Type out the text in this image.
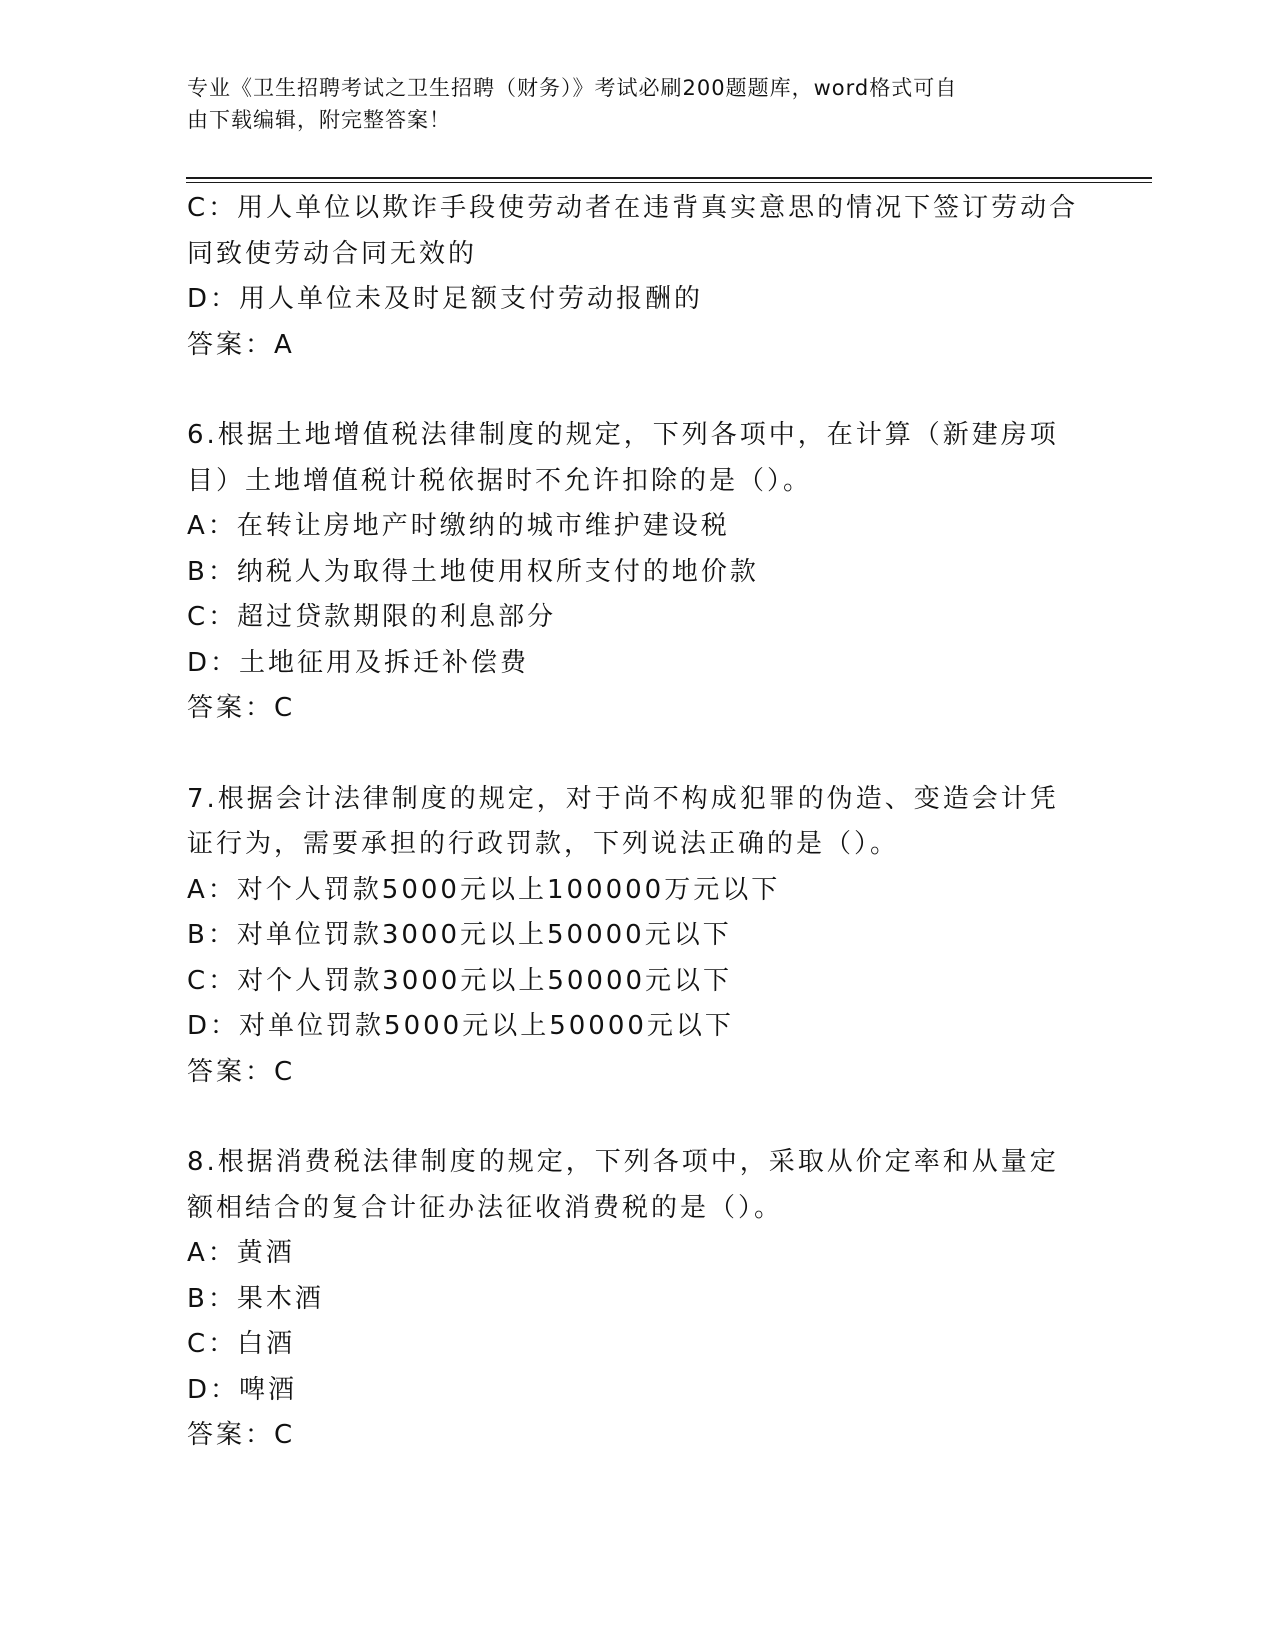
专业《卫生招聘考试之卫生招聘（财务）》考试必刷200题题库，word格式可自
由下载编辑，附完整答案！
C：用人单位以欺诈手段使劳动者在违背真实意思的情况下签订劳动合
同致使劳动合同无效的
D：用人单位未及时足额支付劳动报酬的
答案：A
6.根据土地增值税法律制度的规定，下列各项中，在计算（新建房项
目）土地增值税计税依据时不允许扣除的是（）。
A：在转让房地产时缴纳的城市维护建设税
B：纳税人为取得土地使用权所支付的地价款
C：超过贷款期限的利息部分
D：土地征用及拆迁补偿费
答案：C
7.根据会计法律制度的规定，对于尚不构成犯罪的伪造、变造会计凭
证行为，需要承担的行政罚款，下列说法正确的是（）。
A：对个人罚款5000元以上100000万元以下
B：对单位罚款3000元以上50000元以下
C：对个人罚款3000元以上50000元以下
D：对单位罚款5000元以上50000元以下
答案：C
8.根据消费税法律制度的规定，下列各项中，采取从价定率和从量定
额相结合的复合计征办法征收消费税的是（）。
A：黄酒
B：果木酒
C：白酒
D：啤酒
答案：C
